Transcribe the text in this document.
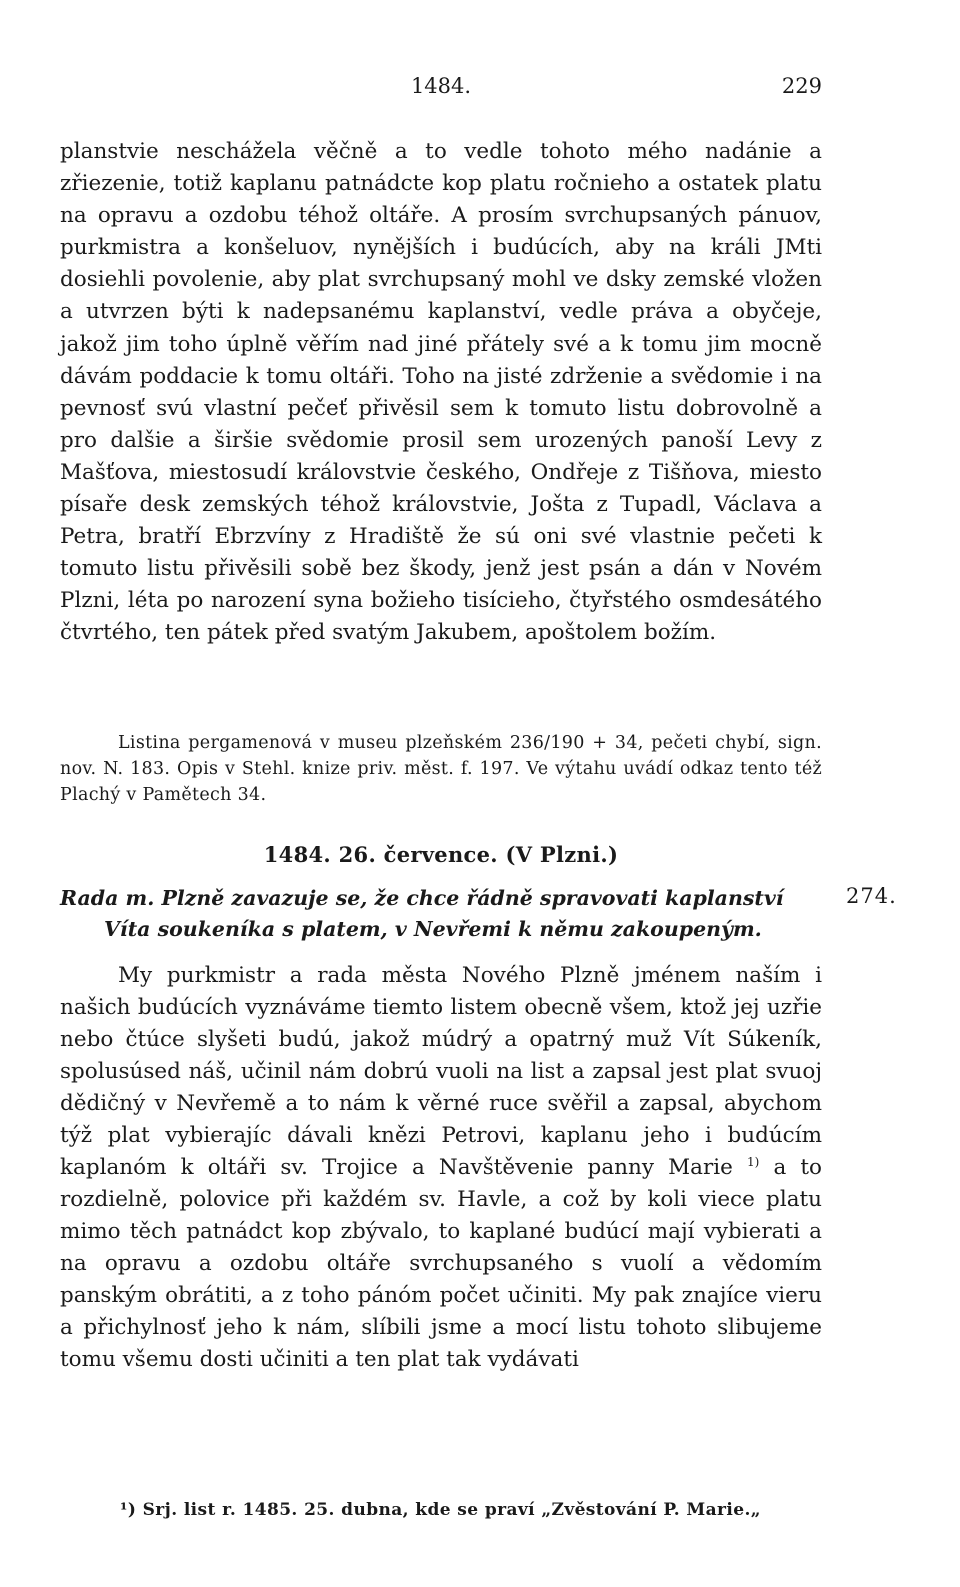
1484.	229

planstvie neschážela věčně a to vedle tohoto mého nadánie a zřiezenie, totiž kaplanu patnádcte kop platu ročnieho a ostatek platu na opravu a ozdobu téhož oltáře. A prosím svrchupsaných pánuov, purkmistra a konšeluov, nynějších i budúcích, aby na králi JMti dosiehli povolenie, aby plat svrchupsaný mohl ve dsky zemské vložen a utvrzen býti k nadepsanému kaplanství, vedle práva a obyčeje, jakož jim toho úplně věřím nad jiné přátely své a k tomu jim mocně dávám poddacie k tomu oltáři. Toho na jisté zdrženie a svědomie i na pevnosť svú vlastní pečeť přivěsil sem k tomuto listu dobrovolně a pro dalšie a širšie svědomie prosil sem urozených panoší Levy z Mašťova, miestosudí královstvie českého, Ondřeje z Tišňova, miesto písaře desk zemských téhož královstvie, Jošta z Tupadl, Václava a Petra, bratří Ebrzvíny z Hradiště že sú oni své vlastnie pečeti k tomuto listu přivěsili sobě bez škody, jenž jest psán a dán v Novém Plzni, léta po narození syna božieho tisícieho, čtyřstého osmdesátého čtvrtého, ten pátek před svatým Jakubem, apoštolem božím.

Listina pergamenová v museu plzeňském 236/190 + 34, pečeti chybí, sign. nov. N. 183. Opis v Stehl. knize priv. měst. f. 197. Ve výtahu uvádí odkaz tento též Plachý v Pamětech 34.

1484. 26. července. (V Plzni.)

Rada m. Plzně zavazuje se, že chce řádně spravovati kaplanství
Víta soukeníka s platem, v Nevřemi k němu zakoupeným.

274.

My purkmistr a rada města Nového Plzně jménem naším i našich budúcích vyznáváme tiemto listem obecně všem, ktož jej uzřie nebo čtúce slyšeti budú, jakož múdrý a opatrný muž Vít Súkeník, spolusúsed náš, učinil nám dobrú vuoli na list a zapsal jest plat svuoj dědičný v Nevřemě a to nám k věrné ruce svěřil a zapsal, abychom týž plat vybierajíc dávali knězi Petrovi, kaplanu jeho i budúcím kaplanóm k oltáři sv. Trojice a Navštěvenie panny Marie $^{1)}$ a to rozdielně, polovice při každém sv. Havle, a což by koli viece platu mimo těch patnádct kop zbývalo, to kaplané budúcí mají vybierati a na opravu a ozdobu oltáře svrchupsaného s vuolí a vědomím panským obrátiti, a z toho pánóm počet učiniti. My pak znajíce vieru a přichylnosť jeho k nám, slíbili jsme a mocí listu tohoto slibujeme tomu všemu dosti učiniti a ten plat tak vydávati

¹) Srj. list r. 1485. 25. dubna, kde se praví „Zvěstování P. Marie.„
